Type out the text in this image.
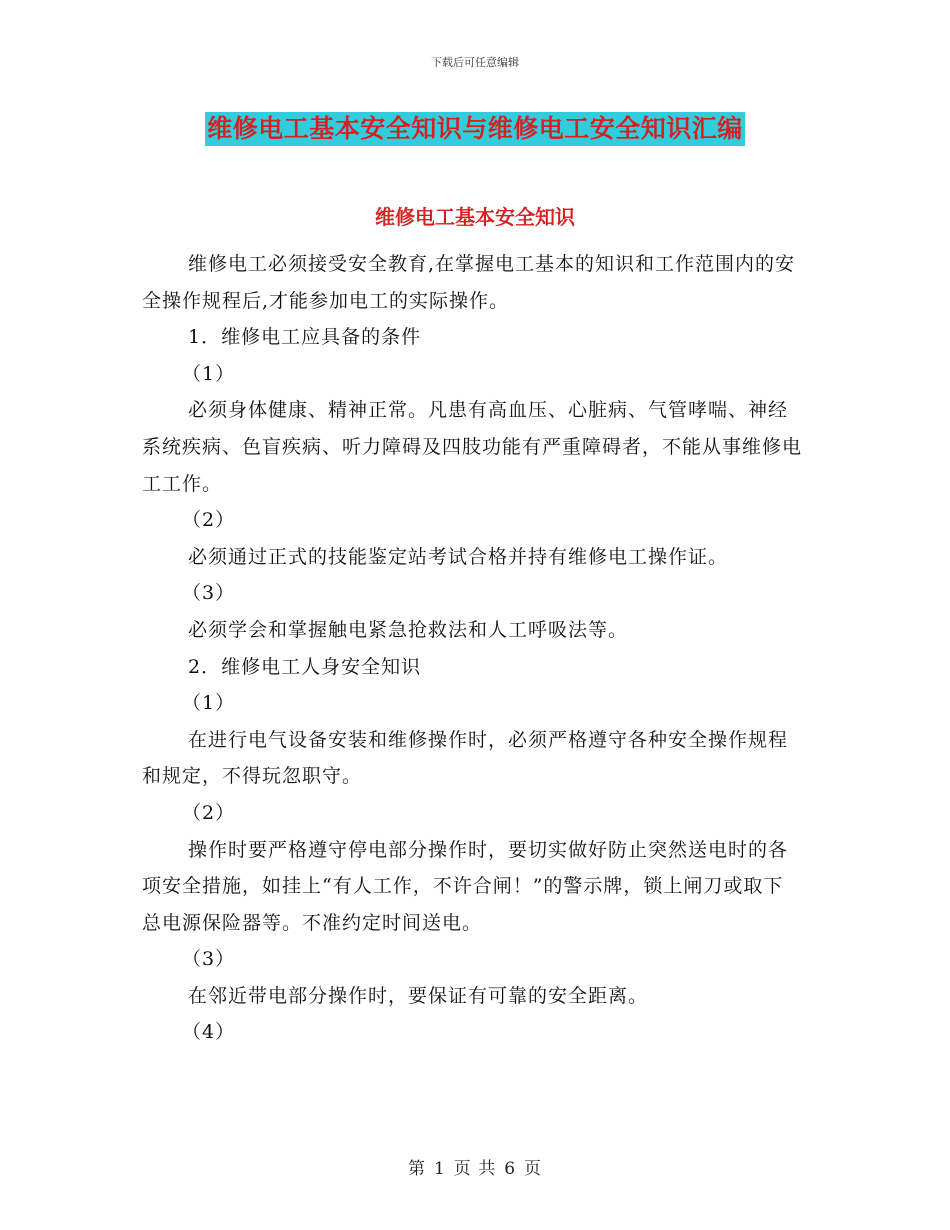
下载后可任意编辑
维修电工基本安全知识与维修电工安全知识汇编
维修电工基本安全知识

维修电工必须接受安全教育,在掌握电工基本的知识和工作范围内的安全操作规程后,才能参加电工的实际操作。

1．维修电工应具备的条件

（1）

必须身体健康、精神正常。凡患有高血压、心脏病、气管哮喘、神经系统疾病、色盲疾病、听力障碍及四肢功能有严重障碍者，不能从事维修电工工作。

（2）

必须通过正式的技能鉴定站考试合格并持有维修电工操作证。

（3）

必须学会和掌握触电紧急抢救法和人工呼吸法等。

2．维修电工人身安全知识

（1）

在进行电气设备安装和维修操作时，必须严格遵守各种安全操作规程和规定，不得玩忽职守。

（2）

操作时要严格遵守停电部分操作时，要切实做好防止突然送电时的各项安全措施，如挂上“有人工作，不许合闸！”的警示牌，锁上闸刀或取下总电源保险器等。不准约定时间送电。

（3）

在邻近带电部分操作时，要保证有可靠的安全距离。

（4）

第 1 页 共 6 页
